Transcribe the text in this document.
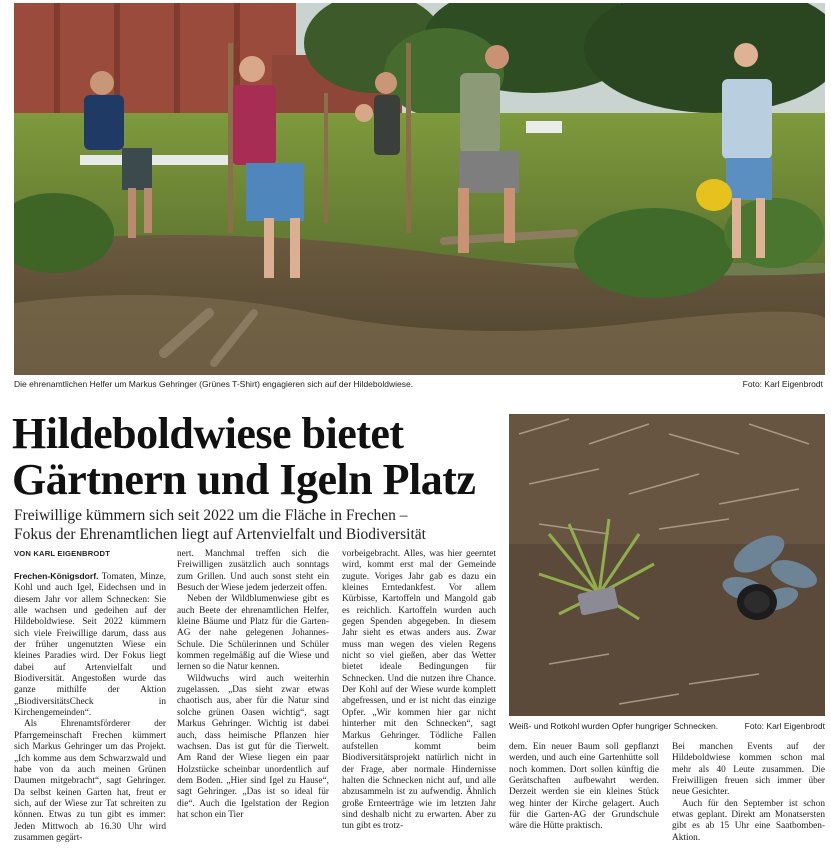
Die ehrenamtlichen Helfer um Markus Gehringer (Grünes T-Shirt) engagieren sich auf der Hildeboldwiese.	Foto: Karl Eigenbrodt
Hildeboldwiese bietet
Gärtnern und Igeln Platz
Freiwillige kümmern sich seit 2022 um die Fläche in Frechen –
Fokus der Ehrenamtlichen liegt auf Artenvielfalt und Biodiversität
VON KARL EIGENBRODT

Frechen-Königsdorf. Tomaten, Minze, Kohl und auch Igel, Eidechsen und in diesem Jahr vor allem Schnecken: Sie alle wachsen und gedeihen auf der Hildeboldwiese. Seit 2022 kümmern sich viele Freiwillige darum, dass aus der früher ungenutzten Wiese ein kleines Paradies wird. Der Fokus liegt dabei auf Artenvielfalt und Biodiversität. Angestoßen wurde das ganze mithilfe der Aktion „BiodiversitätsCheck in Kirchengemeinden“.

Als Ehrenamtsförderer der Pfarrgemeinschaft Frechen kümmert sich Markus Gehringer um das Projekt. „Ich komme aus dem Schwarzwald und habe von da auch meinen Grünen Daumen mitgebracht“, sagt Gehringer. Da selbst keinen Garten hat, freut er sich, auf der Wiese zur Tat schreiten zu können. Etwas zu tun gibt es immer: Jeden Mittwoch ab 16.30 Uhr wird zusammen gegärt-

nert. Manchmal treffen sich die Freiwilligen zusätzlich auch sonntags zum Grillen. Und auch sonst steht ein Besuch der Wiese jedem jederzeit offen.

Neben der Wildblumenwiese gibt es auch Beete der ehrenamtlichen Helfer, kleine Bäume und Platz für die Garten-AG der nahe gelegenen Johannes-Schule. Die Schülerinnen und Schüler kommen regelmäßig auf die Wiese und lernen so die Natur kennen.

Wildwuchs wird auch weiterhin zugelassen. „Das sieht zwar etwas chaotisch aus, aber für die Natur sind solche grünen Oasen wichtig“, sagt Markus Gehringer. Wichtig ist dabei auch, dass heimische Pflanzen hier wachsen. Das ist gut für die Tierwelt. Am Rand der Wiese liegen ein paar Holzstücke scheinbar unordentlich auf dem Boden. „Hier sind Igel zu Hause“, sagt Gehringer. „Das ist so ideal für die“. Auch die Igelstation der Region hat schon ein Tier

vorbeigebracht. Alles, was hier geerntet wird, kommt erst mal der Gemeinde zugute. Voriges Jahr gab es dazu ein kleines Erntedankfest. Vor allem Kürbisse, Kartoffeln und Mangold gab es reichlich. Kartoffeln wurden auch gegen Spenden abgegeben. In diesem Jahr sieht es etwas anders aus. Zwar muss man wegen des vielen Regens nicht so viel gießen, aber das Wetter bietet ideale Bedingungen für Schnecken. Und die nutzen ihre Chance. Der Kohl auf der Wiese wurde komplett abgefressen, und er ist nicht das einzige Opfer. „Wir kommen hier gar nicht hinterher mit den Schnecken“, sagt Markus Gehringer. Tödliche Fallen aufstellen kommt beim Biodiversitätsprojekt natürlich nicht in der Frage, aber normale Hindernisse halten die Schnecken nicht auf, und alle abzusammeln ist zu aufwendig. Ähnlich große Ernteerträge wie im letzten Jahr sind deshalb nicht zu erwarten. Aber zu tun gibt es trotz-

Weiß- und Rotkohl wurden Opfer hungriger Schnecken.	Foto: Karl Eigenbrodt

dem. Ein neuer Baum soll gepflanzt werden, und auch eine Gartenhütte soll noch kommen. Dort sollen künftig die Gerätschaften aufbewahrt werden. Derzeit werden sie ein kleines Stück weg hinter der Kirche gelagert. Auch für die Garten-AG der Grundschule wäre die Hütte praktisch.

Bei manchen Events auf der Hildeboldwiese kommen schon mal mehr als 40 Leute zusammen. Die Freiwilligen freuen sich immer über neue Gesichter.

Auch für den September ist schon etwas geplant. Direkt am Monatsersten gibt es ab 15 Uhr eine Saatbomben-Aktion.
